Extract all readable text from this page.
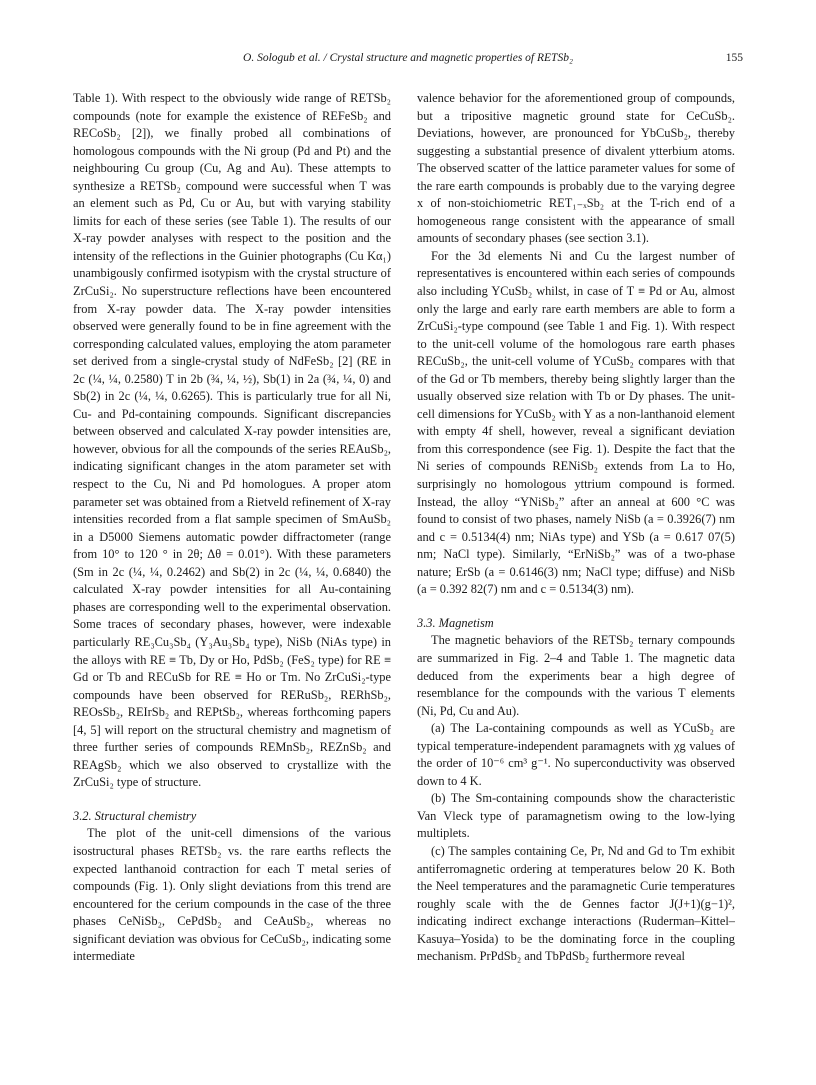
O. Sologub et al. / Crystal structure and magnetic properties of RETSb₂	155

Table 1). With respect to the obviously wide range of RETSb₂ compounds (note for example the existence of REFeSb₂ and RECoSb₂ [2]), we finally probed all combinations of homologous compounds with the Ni group (Pd and Pt) and the neighbouring Cu group (Cu, Ag and Au). These attempts to synthesize a RETSb₂ compound were successful when T was an element such as Pd, Cu or Au, but with varying stability limits for each of these series (see Table 1). The results of our X-ray powder analyses with respect to the position and the intensity of the reflections in the Guinier photographs (Cu Kα₁) unambigously confirmed isotypism with the crystal structure of ZrCuSi₂. No superstructure reflections have been encountered from X-ray powder data. The X-ray powder intensities observed were generally found to be in fine agreement with the corresponding calculated values, employing the atom parameter set derived from a single-crystal study of NdFeSb₂ [2] (RE in 2c (¼, ¼, 0.2580) T in 2b (¾, ¼, ½), Sb(1) in 2a (¾, ¼, 0) and Sb(2) in 2c (¼, ¼, 0.6265). This is particularly true for all Ni, Cu- and Pd-containing compounds. Significant discrepancies between observed and calculated X-ray powder intensities are, however, obvious for all the compounds of the series REAuSb₂, indicating significant changes in the atom parameter set with respect to the Cu, Ni and Pd homologues. A proper atom parameter set was obtained from a Rietveld refinement of X-ray intensities recorded from a flat sample specimen of SmAuSb₂ in a D5000 Siemens automatic powder diffractometer (range from 10° to 120 ° in 2θ; Δθ = 0.01°). With these parameters (Sm in 2c (¼, ¼, 0.2462) and Sb(2) in 2c (¼, ¼, 0.6840) the calculated X-ray powder intensities for all Au-containing phases are corresponding well to the experimental observation. Some traces of secondary phases, however, were indexable particularly RE₃Cu₃Sb₄ (Y₃Au₃Sb₄ type), NiSb (NiAs type) in the alloys with RE ≡ Tb, Dy or Ho, PdSb₂ (FeS₂ type) for RE ≡ Gd or Tb and RECuSb for RE ≡ Ho or Tm. No ZrCuSi₂-type compounds have been observed for RERuSb₂, RERhSb₂, REOsSb₂, REIrSb₂ and REPtSb₂, whereas forthcoming papers [4, 5] will report on the structural chemistry and magnetism of three further series of compounds REMnSb₂, REZnSb₂ and REAgSb₂ which we also observed to crystallize with the ZrCuSi₂ type of structure.

3.2. Structural chemistry

The plot of the unit-cell dimensions of the various isostructural phases RETSb₂ vs. the rare earths reflects the expected lanthanoid contraction for each T metal series of compounds (Fig. 1). Only slight deviations from this trend are encountered for the cerium compounds in the case of the three phases CeNiSb₂, CePdSb₂ and CeAuSb₂, whereas no significant deviation was obvious for CeCuSb₂, indicating some intermediate

valence behavior for the aforementioned group of compounds, but a tripositive magnetic ground state for CeCuSb₂. Deviations, however, are pronounced for YbCuSb₂, thereby suggesting a substantial presence of divalent ytterbium atoms. The observed scatter of the lattice parameter values for some of the rare earth compounds is probably due to the varying degree x of non-stoichiometric RET₁₋ₓSb₂ at the T-rich end of a homogeneous range consistent with the appearance of small amounts of secondary phases (see section 3.1).

For the 3d elements Ni and Cu the largest number of representatives is encountered within each series of compounds also including YCuSb₂ whilst, in case of T ≡ Pd or Au, almost only the large and early rare earth members are able to form a ZrCuSi₂-type compound (see Table 1 and Fig. 1). With respect to the unit-cell volume of the homologous rare earth phases RECuSb₂, the unit-cell volume of YCuSb₂ compares with that of the Gd or Tb members, thereby being slightly larger than the usually observed size relation with Tb or Dy phases. The unit-cell dimensions for YCuSb₂ with Y as a non-lanthanoid element with empty 4f shell, however, reveal a significant deviation from this correspondence (see Fig. 1). Despite the fact that the Ni series of compounds RENiSb₂ extends from La to Ho, surprisingly no homologous yttrium compound is formed. Instead, the alloy “YNiSb₂” after an anneal at 600 °C was found to consist of two phases, namely NiSb (a = 0.3926(7) nm and c = 0.5134(4) nm; NiAs type) and YSb (a = 0.617 07(5) nm; NaCl type). Similarly, “ErNiSb₂” was of a two-phase nature; ErSb (a = 0.6146(3) nm; NaCl type; diffuse) and NiSb (a = 0.392 82(7) nm and c = 0.5134(3) nm).

3.3. Magnetism

The magnetic behaviors of the RETSb₂ ternary compounds are summarized in Fig. 2–4 and Table 1. The magnetic data deduced from the experiments bear a high degree of resemblance for the compounds with the various T elements (Ni, Pd, Cu and Au).

(a) The La-containing compounds as well as YCuSb₂ are typical temperature-independent paramagnets with χg values of the order of 10⁻⁶ cm³ g⁻¹. No superconductivity was observed down to 4 K.

(b) The Sm-containing compounds show the characteristic Van Vleck type of paramagnetism owing to the low-lying multiplets.

(c) The samples containing Ce, Pr, Nd and Gd to Tm exhibit antiferromagnetic ordering at temperatures below 20 K. Both the Neel temperatures and the paramagnetic Curie temperatures roughly scale with the de Gennes factor J(J+1)(g−1)², indicating indirect exchange interactions (Ruderman–Kittel–Kasuya–Yosida) to be the dominating force in the coupling mechanism. PrPdSb₂ and TbPdSb₂ furthermore reveal
